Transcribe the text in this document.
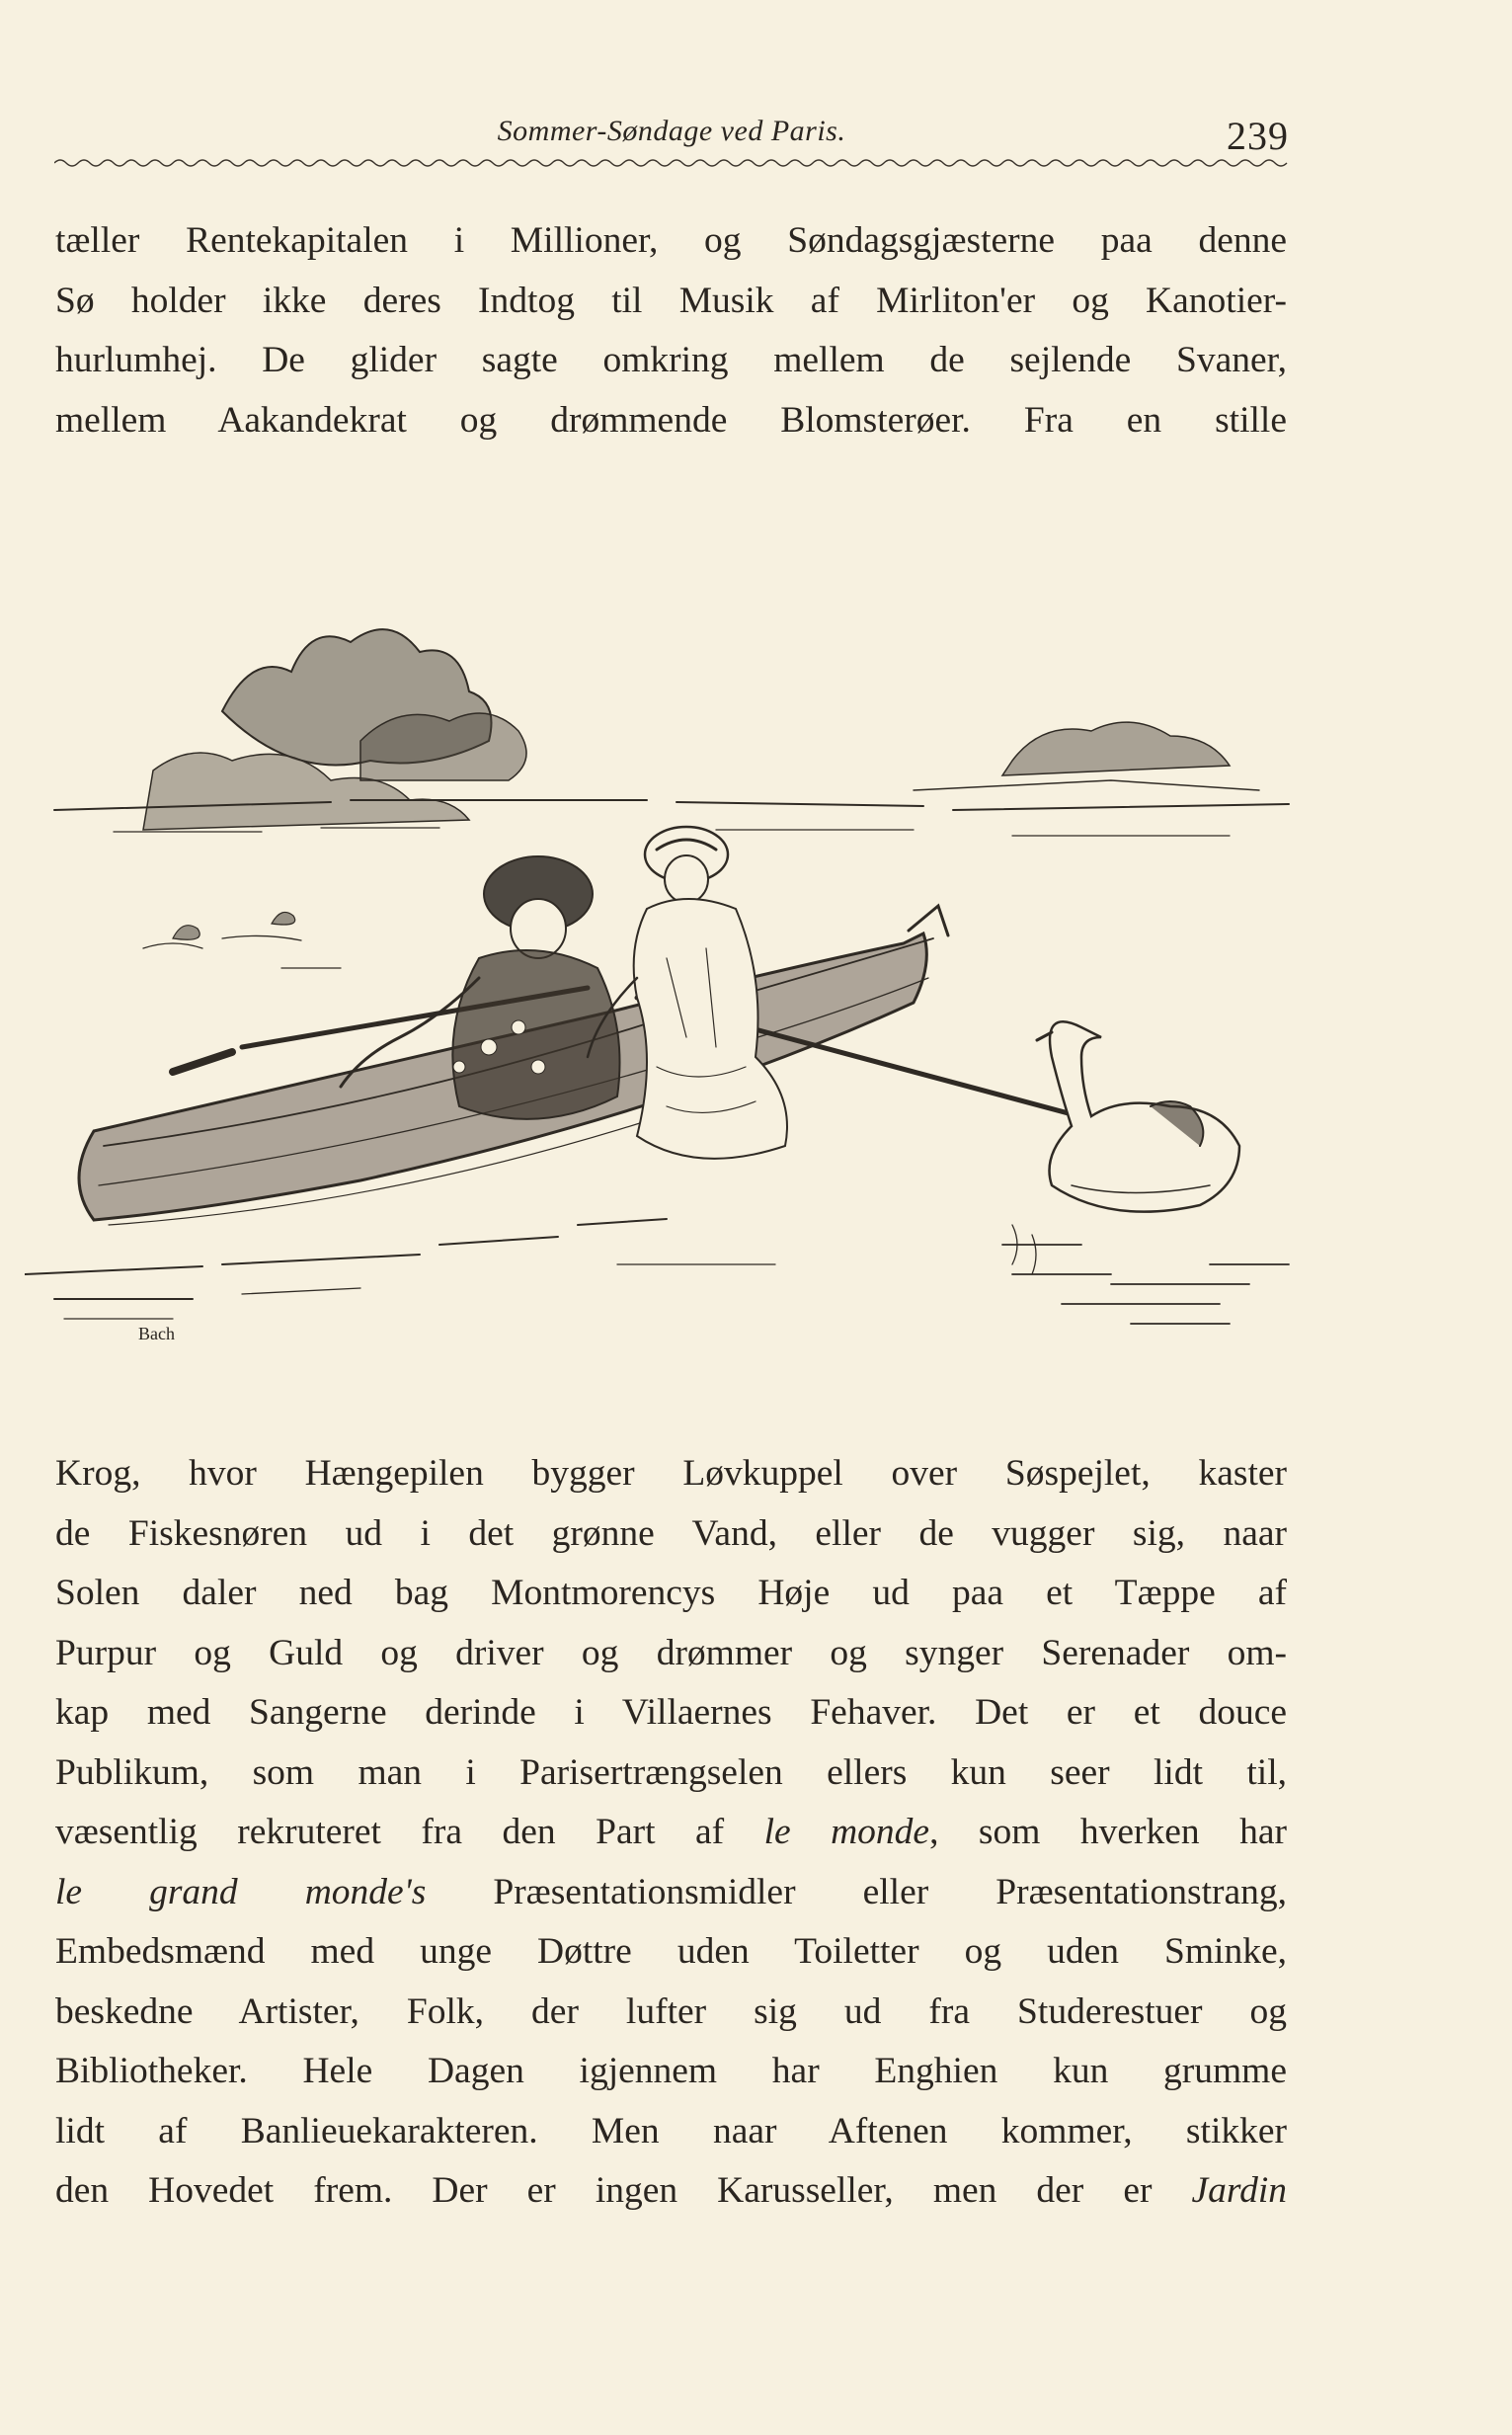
Sommer-Søndage ved Paris.	239
tæller Rentekapitalen i Millioner, og Søndagsgjæsterne paa denne
Sø holder ikke deres Indtog til Musik af Mirliton'er og Kanotier-
hurlumhej. De glider sagte omkring mellem de sejlende Svaner,
mellem Aakandekrat og drømmende Blomsterøer. Fra en stille
Bach
Krog, hvor Hængepilen bygger Løvkuppel over Søspejlet, kaster
de Fiskesnøren ud i det grønne Vand, eller de vugger sig, naar
Solen daler ned bag Montmorencys Høje ud paa et Tæppe af
Purpur og Guld og driver og drømmer og synger Serenader om-
kap med Sangerne derinde i Villaernes Fehaver. Det er et douce
Publikum, som man i Parisertrængselen ellers kun seer lidt til,
væsentlig rekruteret fra den Part af le monde, som hverken har
le grand monde's Præsentationsmidler eller Præsentationstrang,
Embedsmænd med unge Døttre uden Toiletter og uden Sminke,
beskedne Artister, Folk, der lufter sig ud fra Studerestuer og
Bibliotheker. Hele Dagen igjennem har Enghien kun grumme
lidt af Banlieuekarakteren. Men naar Aftenen kommer, stikker
den Hovedet frem. Der er ingen Karusseller, men der er Jardin
